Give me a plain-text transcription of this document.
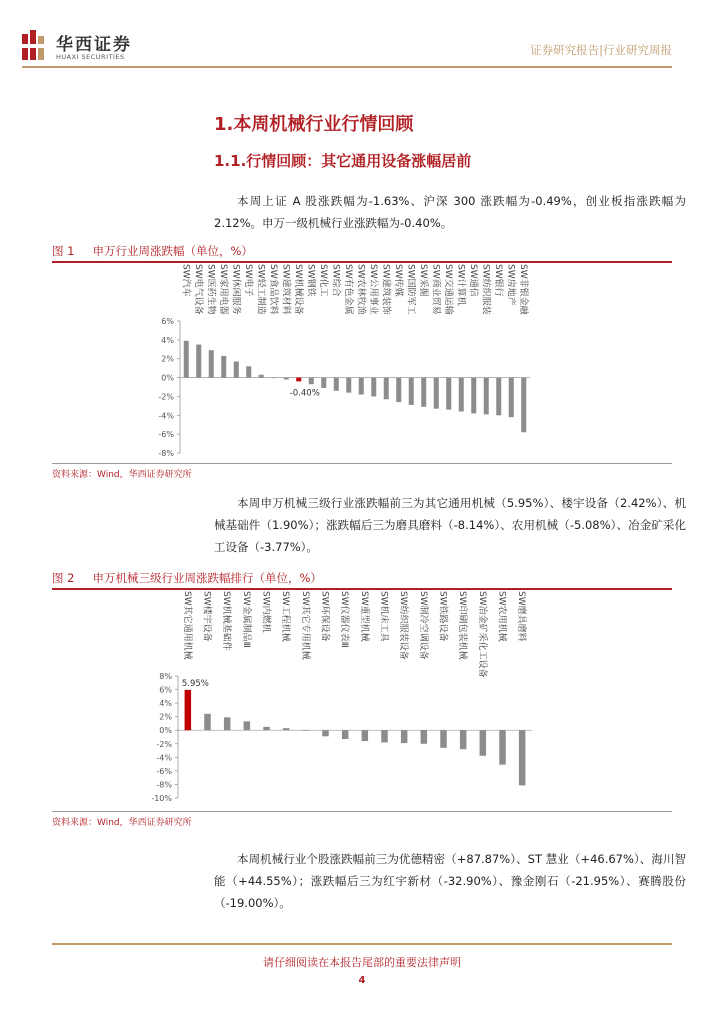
华西证券
HUAXI SECURITIES	证券研究报告|行业研究周报
1.本周机械行业行情回顾
1.1.行情回顾：其它通用设备涨幅居前
本周上证 A 股涨跌幅为-1.63%、沪深 300 涨跌幅为-0.49%，创业板指涨跌幅为 2.12%。申万一级机械行业涨跌幅为-0.40%。
图 1 申万行业周涨跌幅（单位，%）
6%
4%
2%
0%
-2%
-4%
-6%
-8%
SW汽车 SW电气设备 SW医药生物 SW家用电器 SW休闲服务 SW电子 SW轻工制造 SW食品饮料 SW建筑材料 SW机械设备
-0.40%
SW钢铁 SW化工 SW综合 SW有色金属 SW农林牧渔 SW公用事业 SW建筑装饰 SW传媒 SW国防军工 SW采掘 SW商业贸易 SW交通运输 SW计算机 SW通信 SW纺织服装 SW银行 SW房地产 SW非银金融
资料来源：Wind，华西证券研究所
本周申万机械三级行业涨跌幅前三为其它通用机械（5.95%）、楼宇设备（2.42%）、机械基础件（1.90%）；涨跌幅后三为磨具磨料（-8.14%）、农用机械（-5.08%）、冶金矿采化工设备（-3.77%）。
图 2 申万机械三级行业周涨跌幅排行（单位，%）
8%
6%
4%
2%
0%
-2%
-4%
-6%
-8%
-10%
SW其它通用机械
5.95%
SW楼宇设备 SW机械基础件 SW金属制品Ⅲ SW内燃机 SW工程机械 SW其它专用机械 SW环保设备 SW仪器仪表Ⅲ SW重型机械 SW机床工具 SW纺织服装设备 SW制冷空调设备 SW铁路设备 SW印刷包装机械 SW冶金矿采化工设备 SW农用机械 SW磨具磨料
资料来源：Wind，华西证券研究所
本周机械行业个股涨跌幅前三为优德精密（+87.87%）、ST 慧业（+46.67%）、海川智能（+44.55%）；涨跌幅后三为红宇新材（-32.90%）、豫金刚石（-21.95%）、赛腾股份（-19.00%）。
请仔细阅读在本报告尾部的重要法律声明
4
